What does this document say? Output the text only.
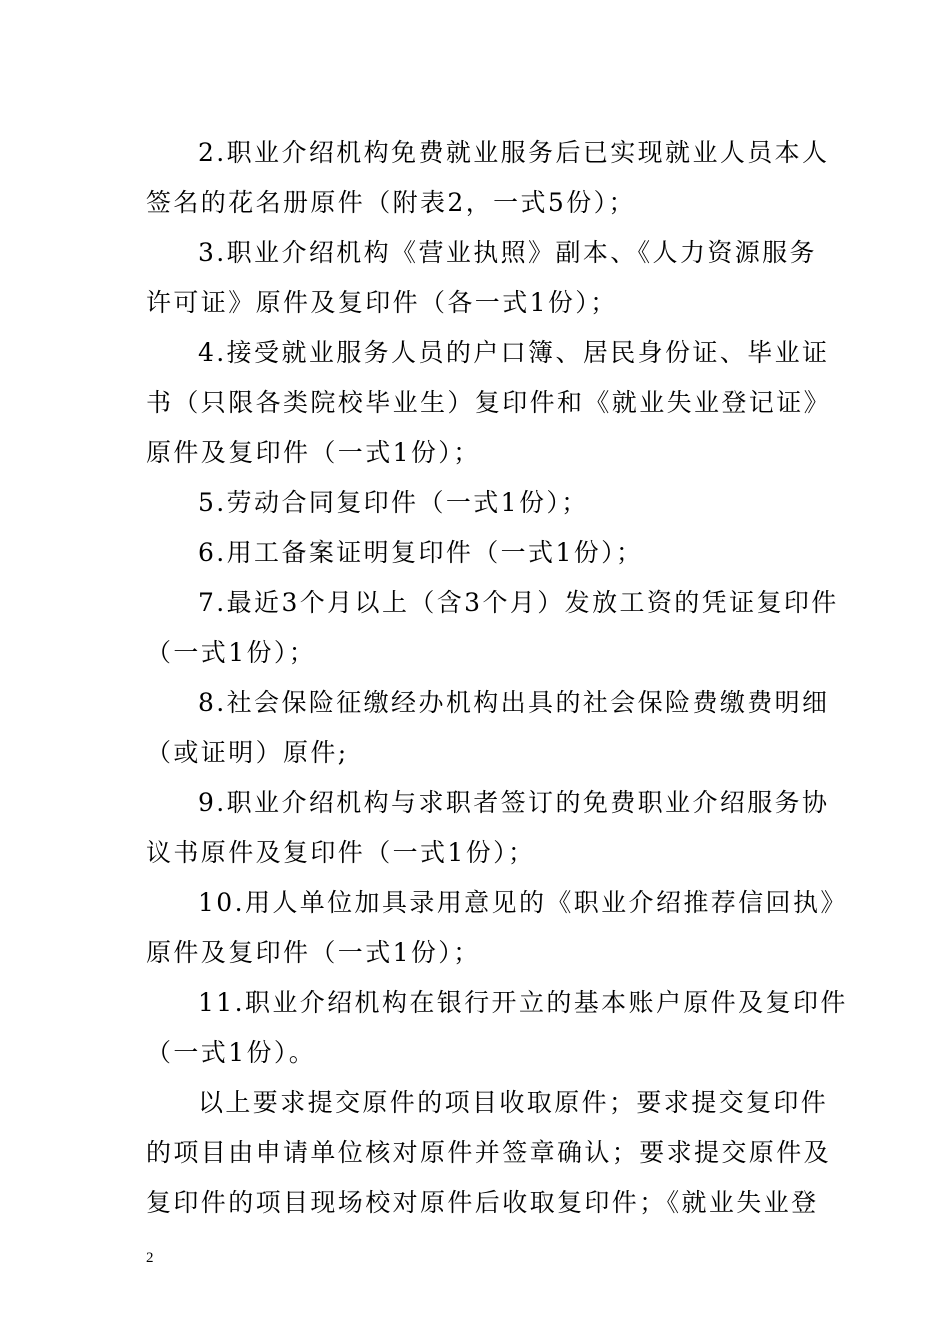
2.职业介绍机构免费就业服务后已实现就业人员本人
签名的花名册原件（附表2，一式5份）；

3.职业介绍机构《营业执照》副本、《人力资源服务
许可证》原件及复印件（各一式1份）；

4.接受就业服务人员的户口簿、居民身份证、毕业证
书（只限各类院校毕业生）复印件和《就业失业登记证》
原件及复印件（一式1份）；

5.劳动合同复印件（一式1份）；

6.用工备案证明复印件（一式1份）；

7.最近3个月以上（含3个月）发放工资的凭证复印件
（一式1份）；

8.社会保险征缴经办机构出具的社会保险费缴费明细
（或证明）原件;

9.职业介绍机构与求职者签订的免费职业介绍服务协
议书原件及复印件（一式1份）；

10.用人单位加具录用意见的《职业介绍推荐信回执》
原件及复印件（一式1份）；

11.职业介绍机构在银行开立的基本账户原件及复印件
（一式1份）。

以上要求提交原件的项目收取原件；要求提交复印件
的项目由申请单位核对原件并签章确认；要求提交原件及
复印件的项目现场校对原件后收取复印件；《就业失业登

2
